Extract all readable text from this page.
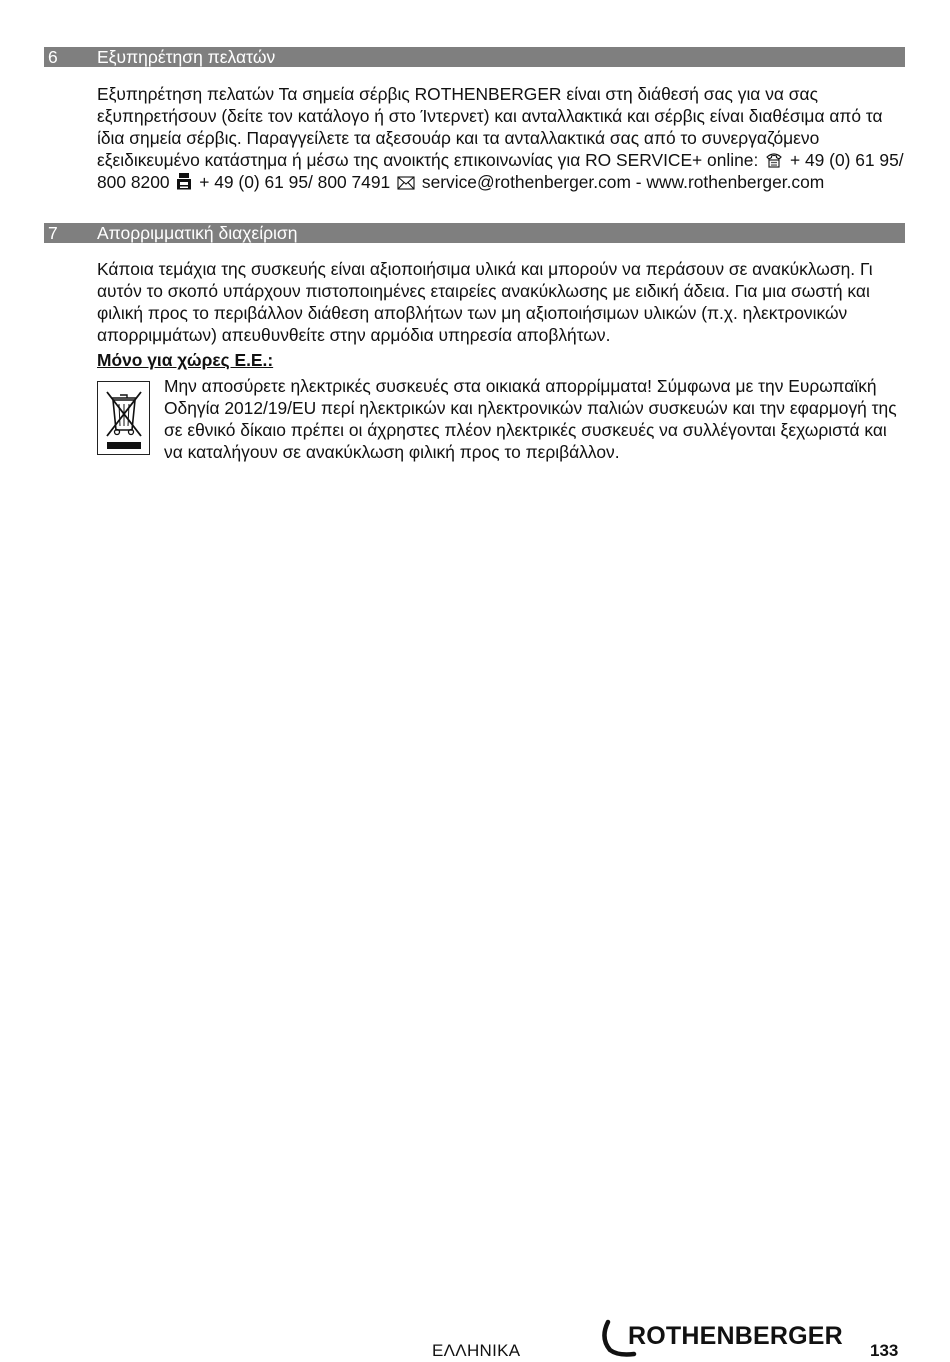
6 Εξυπηρέτηση πελατών

Εξυπηρέτηση πελατών Τα σημεία σέρβις ROTHENBERGER είναι στη διάθεσή σας για να σας εξυπηρετήσουν (δείτε τον κατάλογο ή στο Ίντερνετ) και ανταλλακτικά και σέρβις είναι διαθέσιμα από τα ίδια σημεία σέρβις. Παραγγείλετε τα αξεσουάρ και τα ανταλλακτικά σας από το συνεργαζόμενο εξειδικευμένο κατάστημα ή μέσω της ανοικτής επικοινωνίας για RO SERVICE+ online: + 49 (0) 61 95/ 800 8200 + 49 (0) 61 95/ 800 7491 service@rothenberger.com - www.rothenberger.com

7 Απορριμματική διαχείριση

Κάποια τεμάχια της συσκευής είναι αξιοποιήσιμα υλικά και μπορούν να περάσουν σε ανακύκλωση. Γι αυτόν το σκοπό υπάρχουν πιστοποιημένες εταιρείες ανακύκλωσης με ειδική άδεια. Για μια σωστή και φιλική προς το περιβάλλον διάθεση αποβλήτων των μη αξιοποιήσιμων υλικών (π.χ. ηλεκτρονικών απορριμμάτων) απευθυνθείτε στην αρμόδια υπηρεσία αποβλήτων.

Μόνο για χώρες Ε.Ε.:

Μην αποσύρετε ηλεκτρικές συσκευές στα οικιακά απορρίμματα! Σύμφωνα με την Ευρωπαϊκή Οδηγία 2012/19/EU περί ηλεκτρικών και ηλεκτρονικών παλιών συσκευών και την εφαρμογή της σε εθνικό δίκαιο πρέπει οι άχρηστες πλέον ηλεκτρικές συσκευές να συλλέγονται ξεχωριστά και να καταλήγουν σε ανακύκλωση φιλική προς το περιβάλλον.

ΕΛΛΗΝΙΚΑ
ROTHENBERGER
133
